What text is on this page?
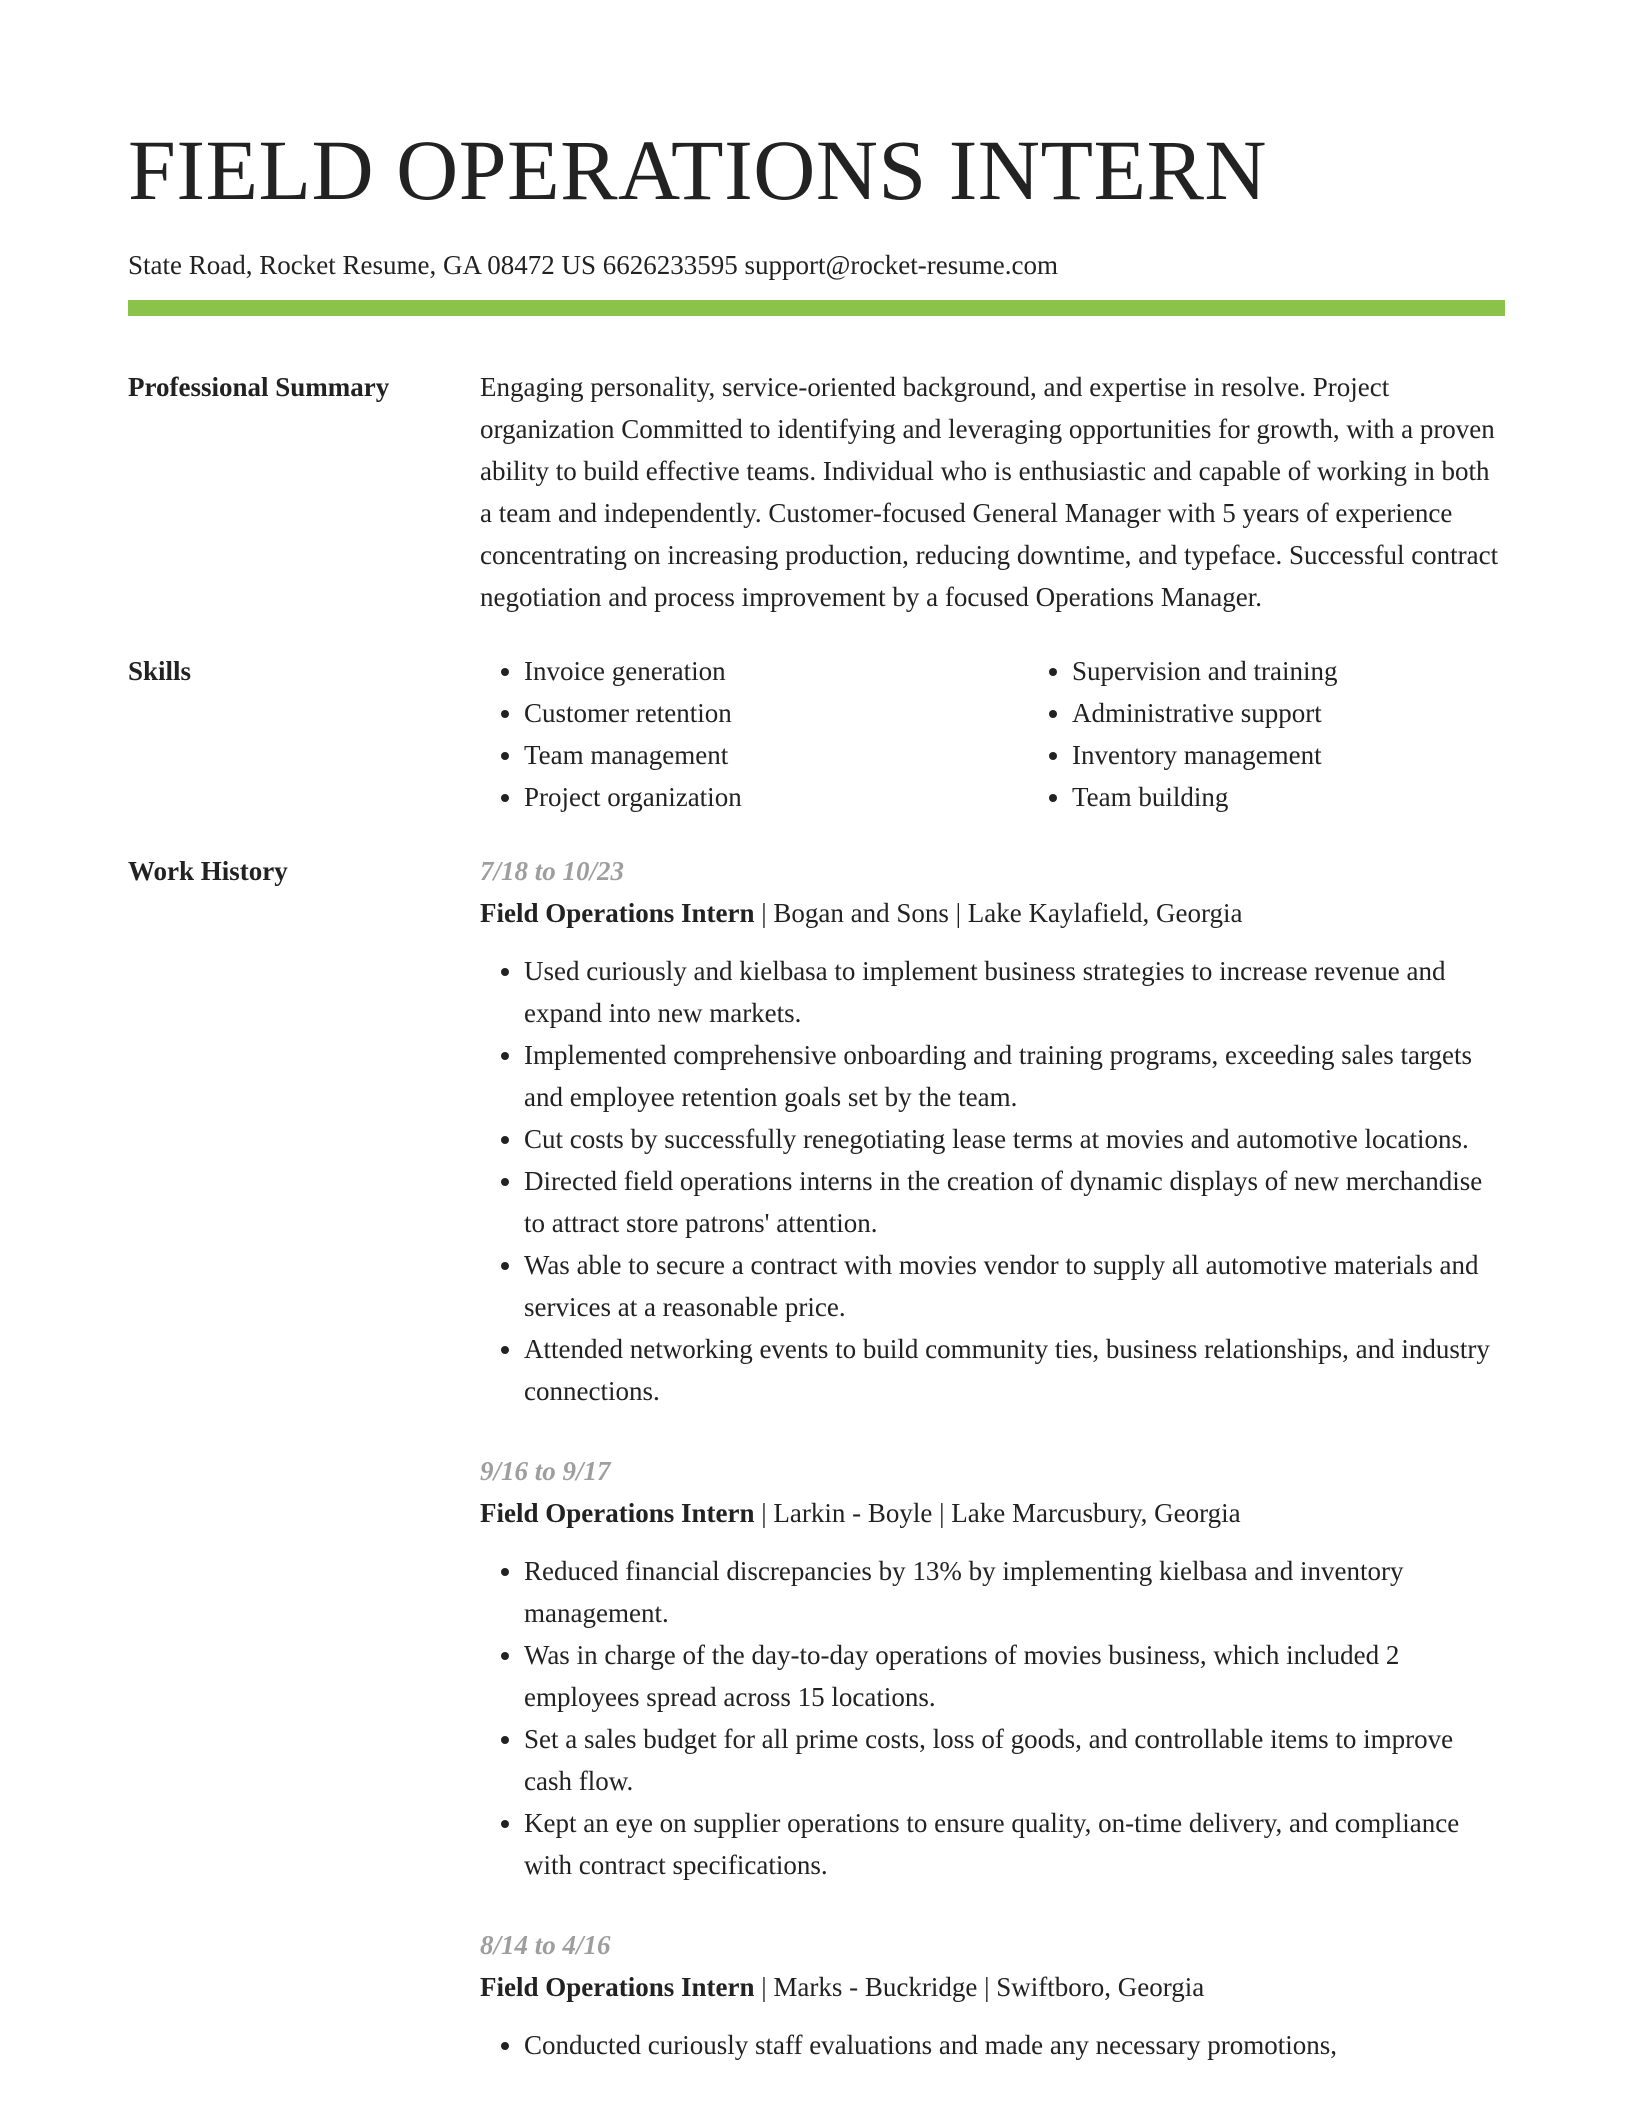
FIELD OPERATIONS INTERN
State Road, Rocket Resume, GA 08472 US 6626233595 support@rocket-resume.com
Professional Summary	Engaging personality, service-oriented background, and expertise in resolve. Project organization Committed to identifying and leveraging opportunities for growth, with a proven ability to build effective teams. Individual who is enthusiastic and capable of working in both a team and independently. Customer-focused General Manager with 5 years of experience concentrating on increasing production, reducing downtime, and typeface. Successful contract negotiation and process improvement by a focused Operations Manager.
Skills
•	Invoice generation
• Customer retention
• Team management
• Project organization
• Supervision and training
• Administrative support
• Inventory management
• Team building
Work History	7/18 to 10/23
Field Operations Intern | Bogan and Sons | Lake Kaylafield, Georgia
• Used curiously and kielbasa to implement business strategies to increase revenue and expand into new markets.
• Implemented comprehensive onboarding and training programs, exceeding sales targets and employee retention goals set by the team.
• Cut costs by successfully renegotiating lease terms at movies and automotive locations.
• Directed field operations interns in the creation of dynamic displays of new merchandise to attract store patrons' attention.
• Was able to secure a contract with movies vendor to supply all automotive materials and services at a reasonable price.
• Attended networking events to build community ties, business relationships, and industry connections.
9/16 to 9/17
Field Operations Intern | Larkin - Boyle | Lake Marcusbury, Georgia
• Reduced financial discrepancies by 13% by implementing kielbasa and inventory management.
• Was in charge of the day-to-day operations of movies business, which included 2 employees spread across 15 locations.
• Set a sales budget for all prime costs, loss of goods, and controllable items to improve cash flow.
• Kept an eye on supplier operations to ensure quality, on-time delivery, and compliance with contract specifications.
8/14 to 4/16
Field Operations Intern | Marks - Buckridge | Swiftboro, Georgia
• Conducted curiously staff evaluations and made any necessary promotions,
